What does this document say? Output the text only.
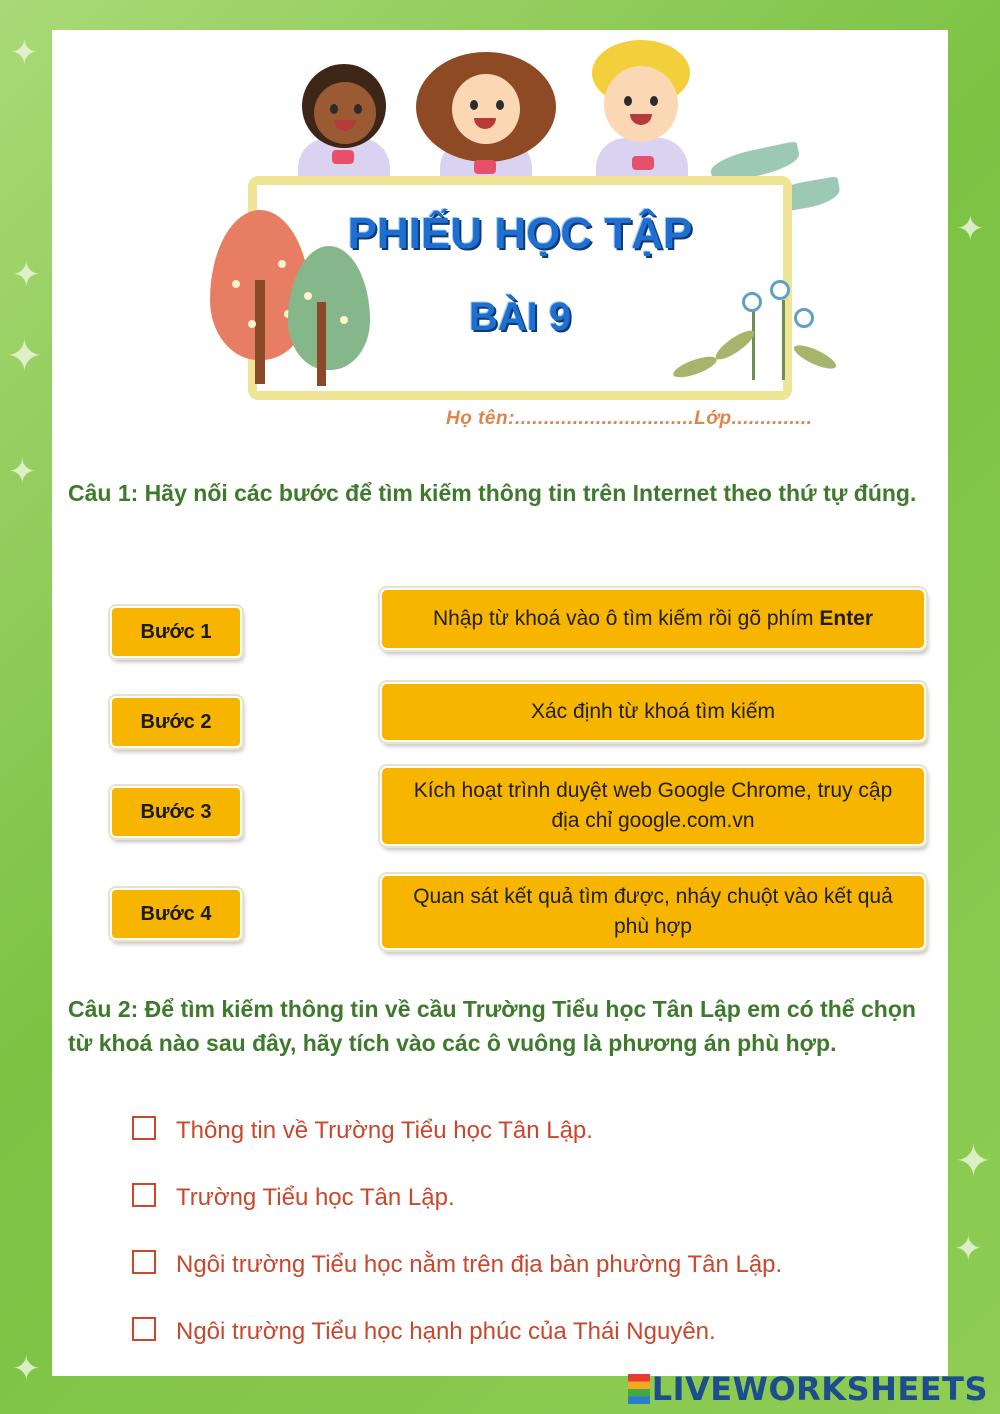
✦
✦
✦
✦
✦
✦
✦
✦
PHIẾU HỌC TẬP
BÀI 9
Họ tên:...............................Lớp..............
Câu 1: Hãy nối các bước để tìm kiếm thông tin trên Internet theo thứ tự đúng.
Bước 1
Bước 2
Bước 3
Bước 4
Nhập từ khoá vào ô tìm kiếm rồi gõ phím Enter
Xác định từ khoá tìm kiếm
Kích hoạt trình duyệt web Google Chrome, truy cập địa chỉ google.com.vn
Quan sát kết quả tìm được, nháy chuột vào kết quả phù hợp
Câu 2: Để tìm kiếm thông tin về cầu Trường Tiểu học Tân Lập em có thể chọn từ khoá nào sau đây, hãy tích vào các ô vuông là phương án phù hợp.
Thông tin về Trường Tiểu học Tân Lập.
Trường Tiểu học Tân Lập.
Ngôi trường Tiểu học nằm trên địa bàn phường Tân Lập.
Ngôi trường Tiểu học hạnh phúc của Thái Nguyên.
LIVEWORKSHEETS
